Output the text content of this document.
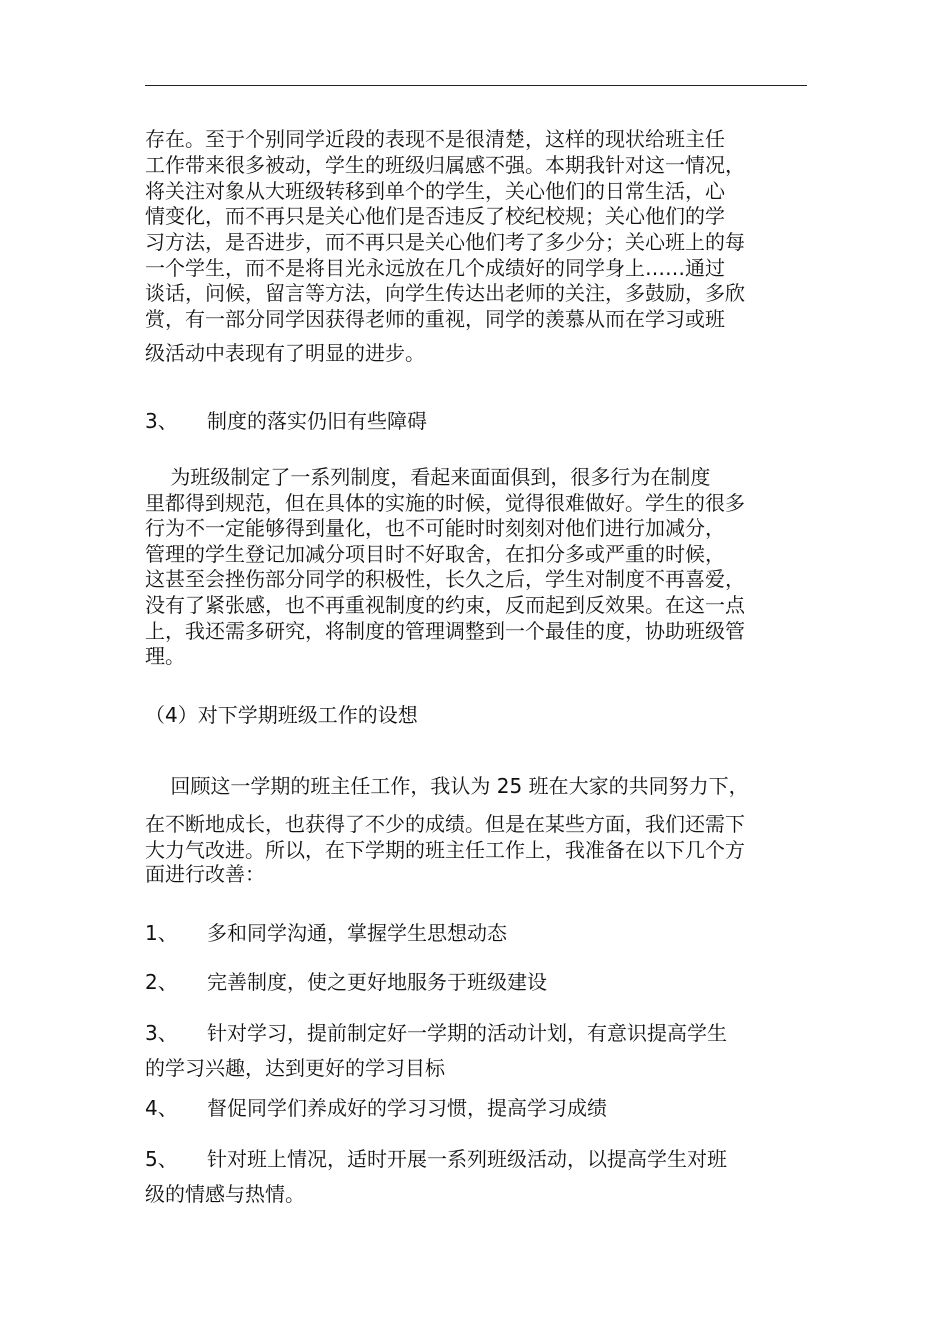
存在。至于个别同学近段的表现不是很清楚，这样的现状给班主任
工作带来很多被动，学生的班级归属感不强。本期我针对这一情况，
将关注对象从大班级转移到单个的学生，关心他们的日常生活，心
情变化，而不再只是关心他们是否违反了校纪校规；关心他们的学
习方法，是否进步，而不再只是关心他们考了多少分；关心班上的每
一个学生，而不是将目光永远放在几个成绩好的同学身上……通过
谈话，问候，留言等方法，向学生传达出老师的关注，多鼓励，多欣
赏，有一部分同学因获得老师的重视，同学的羡慕从而在学习或班
级活动中表现有了明显的进步。
3、 制度的落实仍旧有些障碍
为班级制定了一系列制度，看起来面面俱到，很多行为在制度
里都得到规范，但在具体的实施的时候，觉得很难做好。学生的很多
行为不一定能够得到量化，也不可能时时刻刻对他们进行加减分，
管理的学生登记加减分项目时不好取舍，在扣分多或严重的时候，
这甚至会挫伤部分同学的积极性，长久之后，学生对制度不再喜爱，
没有了紧张感，也不再重视制度的约束，反而起到反效果。在这一点
上，我还需多研究，将制度的管理调整到一个最佳的度，协助班级管
理。
（4）对下学期班级工作的设想
回顾这一学期的班主任工作，我认为 25 班在大家的共同努力下，
在不断地成长，也获得了不少的成绩。但是在某些方面，我们还需下
大力气改进。所以，在下学期的班主任工作上，我准备在以下几个方
面进行改善：
1、 多和同学沟通，掌握学生思想动态
2、 完善制度，使之更好地服务于班级建设
3、 针对学习，提前制定好一学期的活动计划，有意识提高学生
的学习兴趣，达到更好的学习目标
4、 督促同学们养成好的学习习惯，提高学习成绩
5、 针对班上情况，适时开展一系列班级活动，以提高学生对班
级的情感与热情。
